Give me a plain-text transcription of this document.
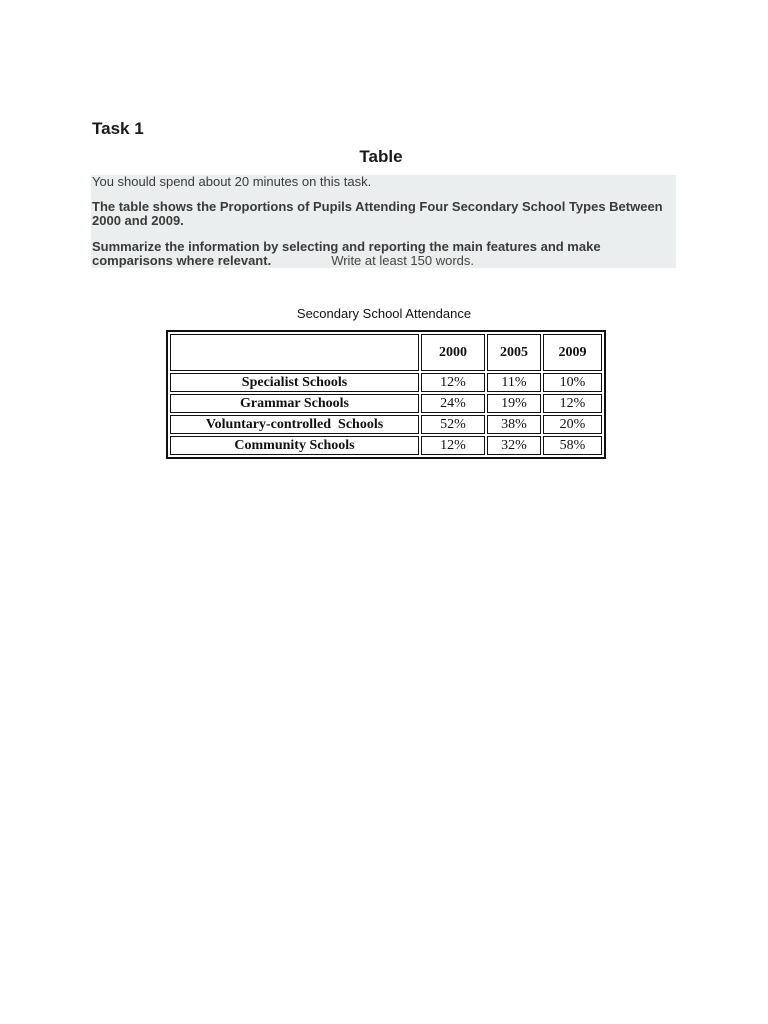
Task 1
Table

You should spend about 20 minutes on this task.

The table shows the Proportions of Pupils Attending Four Secondary School Types Between 2000 and 2009.

Summarize the information by selecting and reporting the main features and make comparisons where relevant.	Write at least 150 words.

Secondary School Attendance
	2000	2005	2009
Specialist Schools	12%	11%	10%
Grammar Schools	24%	19%	12%
Voluntary-controlled  Schools	52%	38%	20%
Community Schools	12%	32%	58%
